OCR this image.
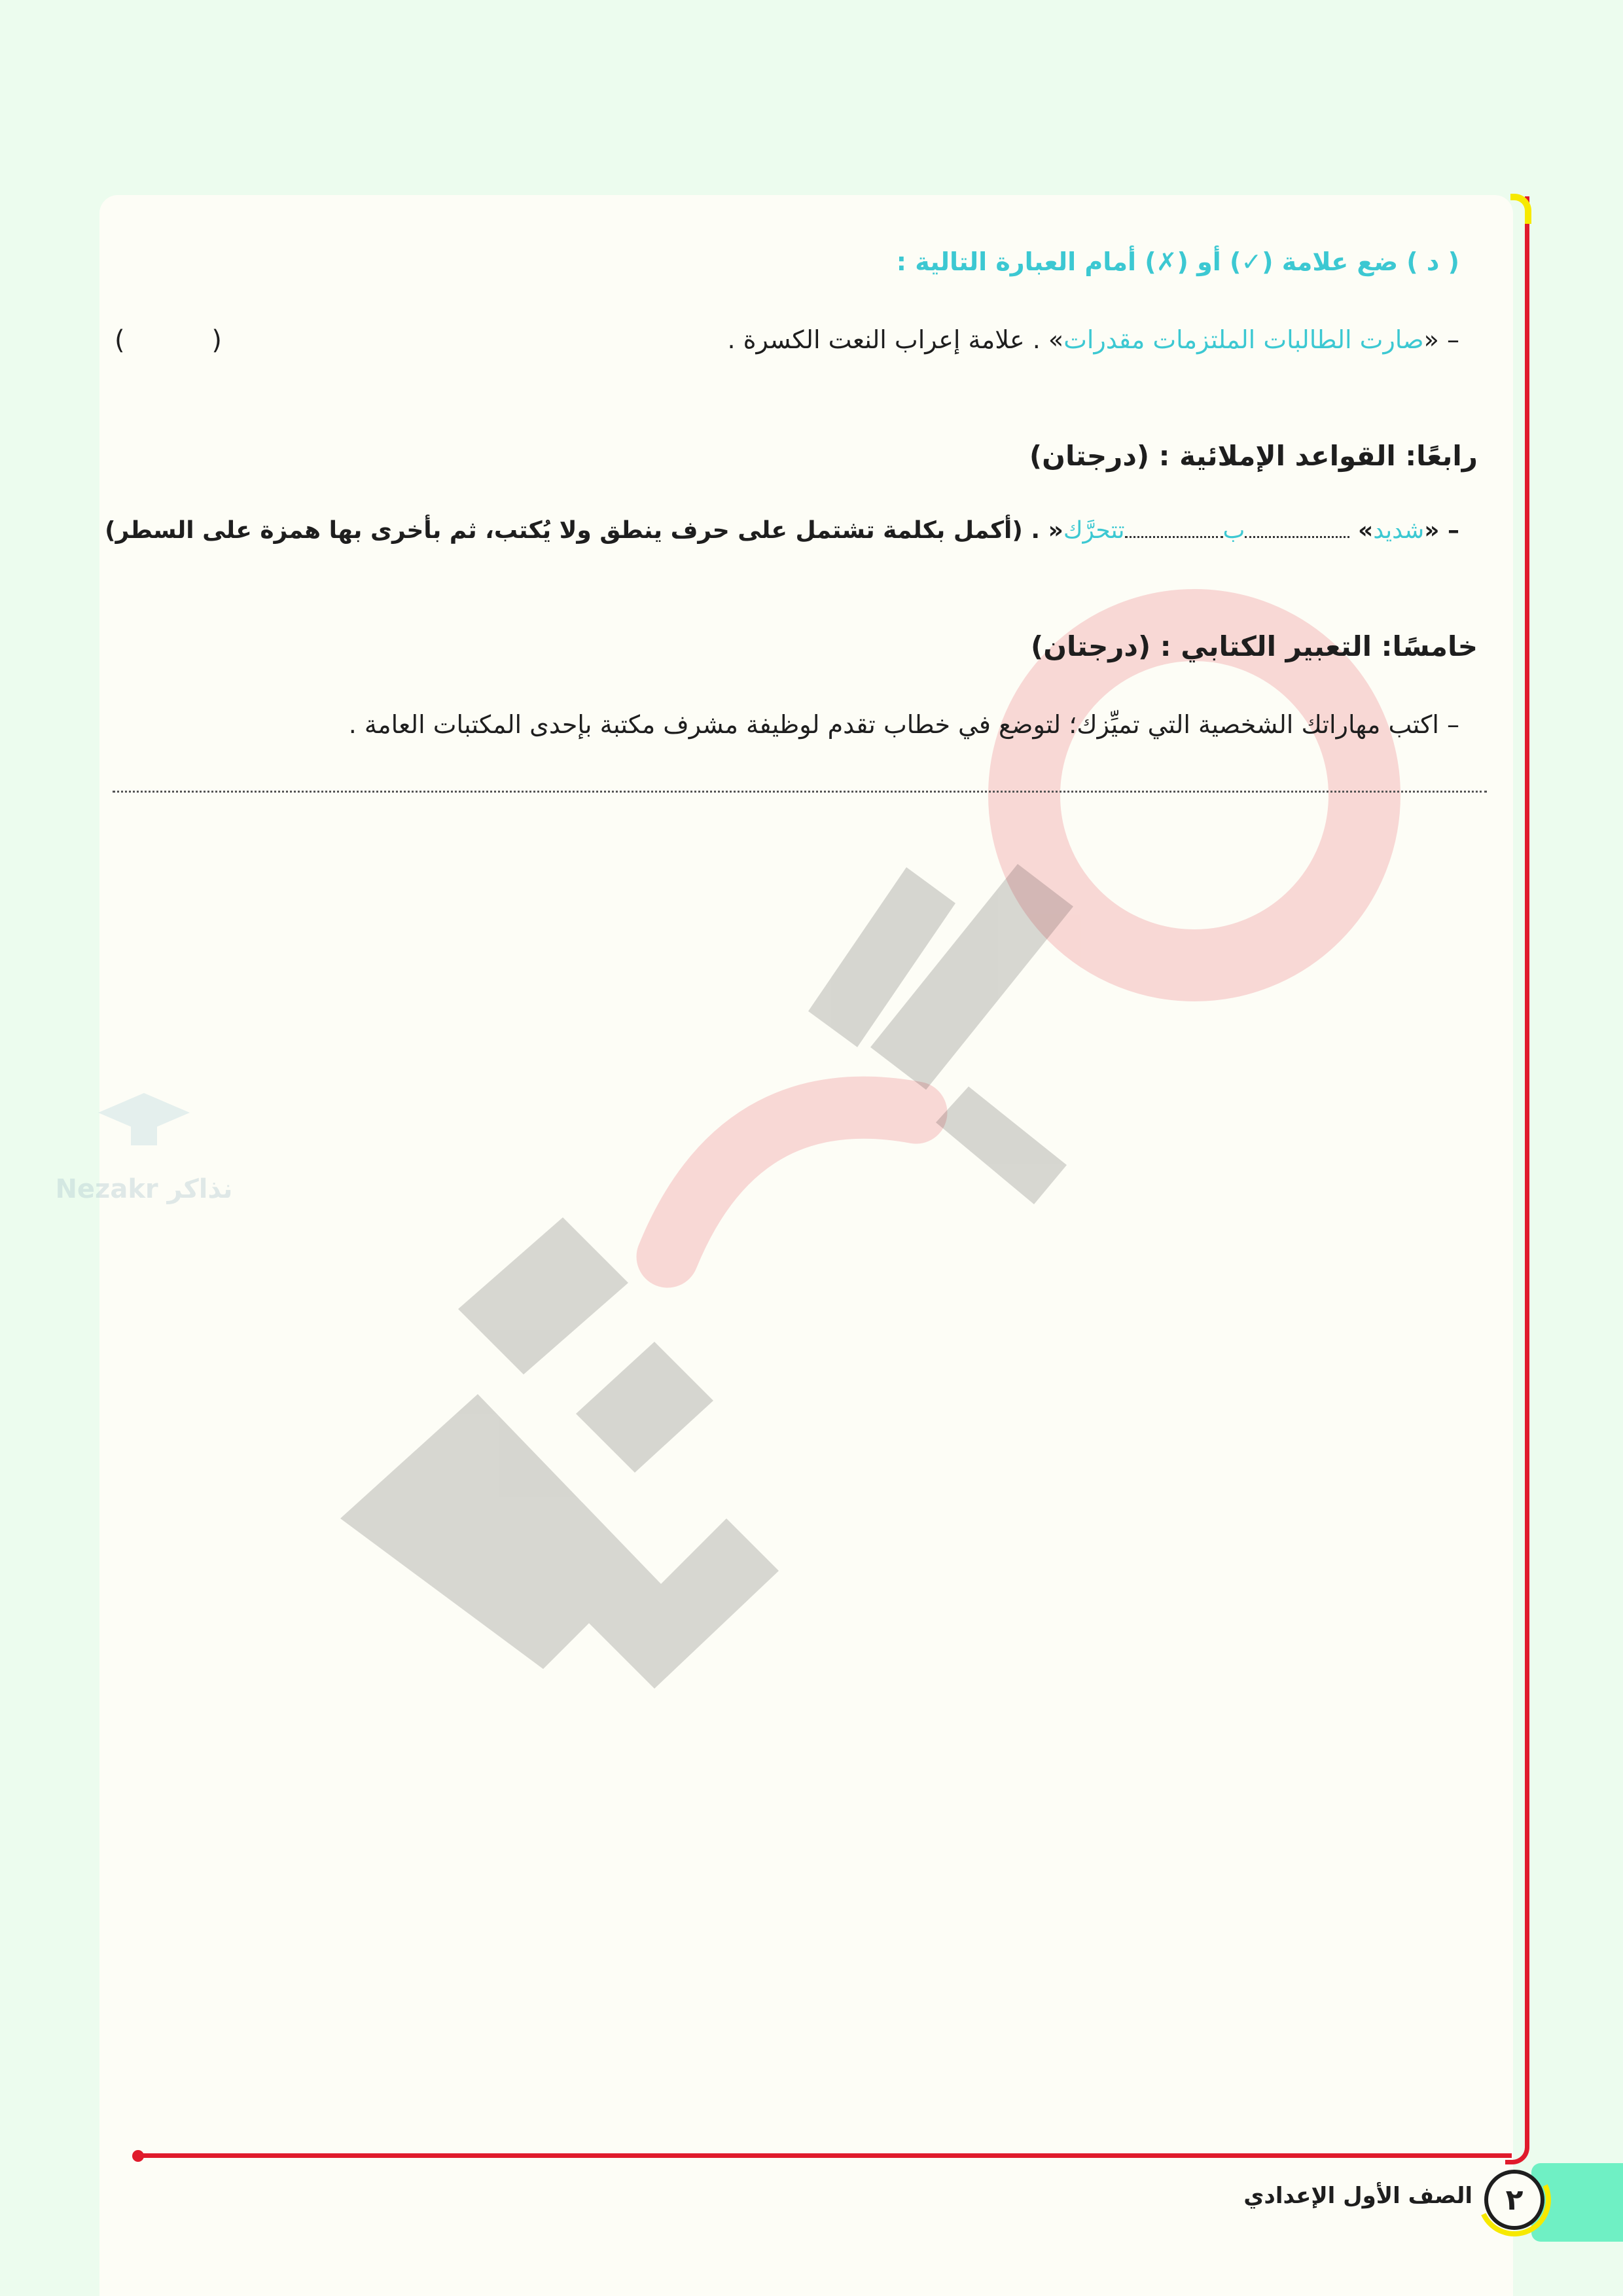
الأضواء
Nezakr نذاكر
( د ) ضع علامة (✓) أو (✗) أمام العبارة التالية :
– «صارت الطالبات الملتزمات مقدرات» . علامة إعراب النعت الكسرة .
( )
رابعًا: القواعد الإملائية : (درجتان)
– «شديد» بتتحرَّك« . (أكمل بكلمة تشتمل على حرف ينطق ولا يُكتب، ثم بأخرى بها همزة على السطر)
خامسًا: التعبير الكتابي : (درجتان)
– اكتب مهاراتك الشخصية التي تميِّزك؛ لتوضع في خطاب تقدم لوظيفة مشرف مكتبة بإحدى المكتبات العامة .
٢
الصف الأول الإعدادي
